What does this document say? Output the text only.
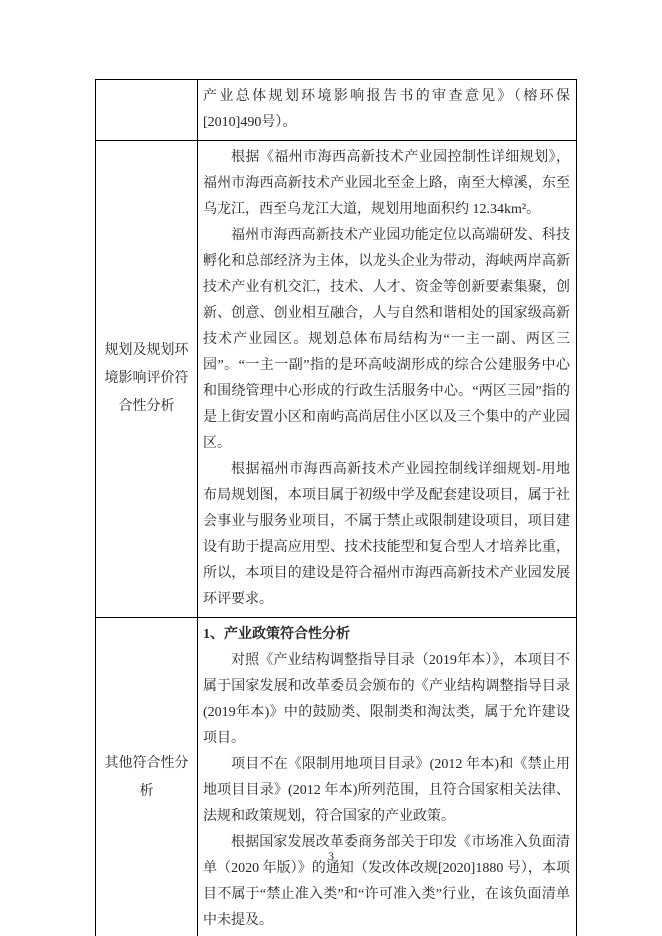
产业总体规划环境影响报告书的审查意见》（榕环保[2010]490号）。

规划及规划环境影响评价符合性分析

根据《福州市海西高新技术产业园控制性详细规划》，福州市海西高新技术产业园北至金上路，南至大樟溪，东至乌龙江，西至乌龙江大道，规划用地面积约 12.34km²。

福州市海西高新技术产业园功能定位以高端研发、科技孵化和总部经济为主体，以龙头企业为带动，海峡两岸高新技术产业有机交汇，技术、人才、资金等创新要素集聚，创新、创意、创业相互融合，人与自然和谐相处的国家级高新技术产业园区。规划总体布局结构为“一主一副、两区三园”。“一主一副”指的是环高岐湖形成的综合公建服务中心和围绕管理中心形成的行政生活服务中心。“两区三园”指的是上街安置小区和南屿高尚居住小区以及三个集中的产业园区。

根据福州市海西高新技术产业园控制线详细规划-用地布局规划图，本项目属于初级中学及配套建设项目，属于社会事业与服务业项目，不属于禁止或限制建设项目，项目建设有助于提高应用型、技术技能型和复合型人才培养比重，所以，本项目的建设是符合福州市海西高新技术产业园发展环评要求。

其他符合性分析

1、产业政策符合性分析

对照《产业结构调整指导目录（2019年本）》，本项目不属于国家发展和改革委员会颁布的《产业结构调整指导目录(2019年本)》中的鼓励类、限制类和淘汰类，属于允许建设项目。

项目不在《限制用地项目目录》(2012 年本)和《禁止用地项目目录》(2012 年本)所列范围，且符合国家相关法律、法规和政策规划，符合国家的产业政策。

根据国家发展改革委商务部关于印发《市场准入负面清单（2020 年版）》的通知（发改体改规[2020]1880 号），本项目不属于“禁止准入类”和“许可准入类”行业，在该负面清单中未提及。

3
